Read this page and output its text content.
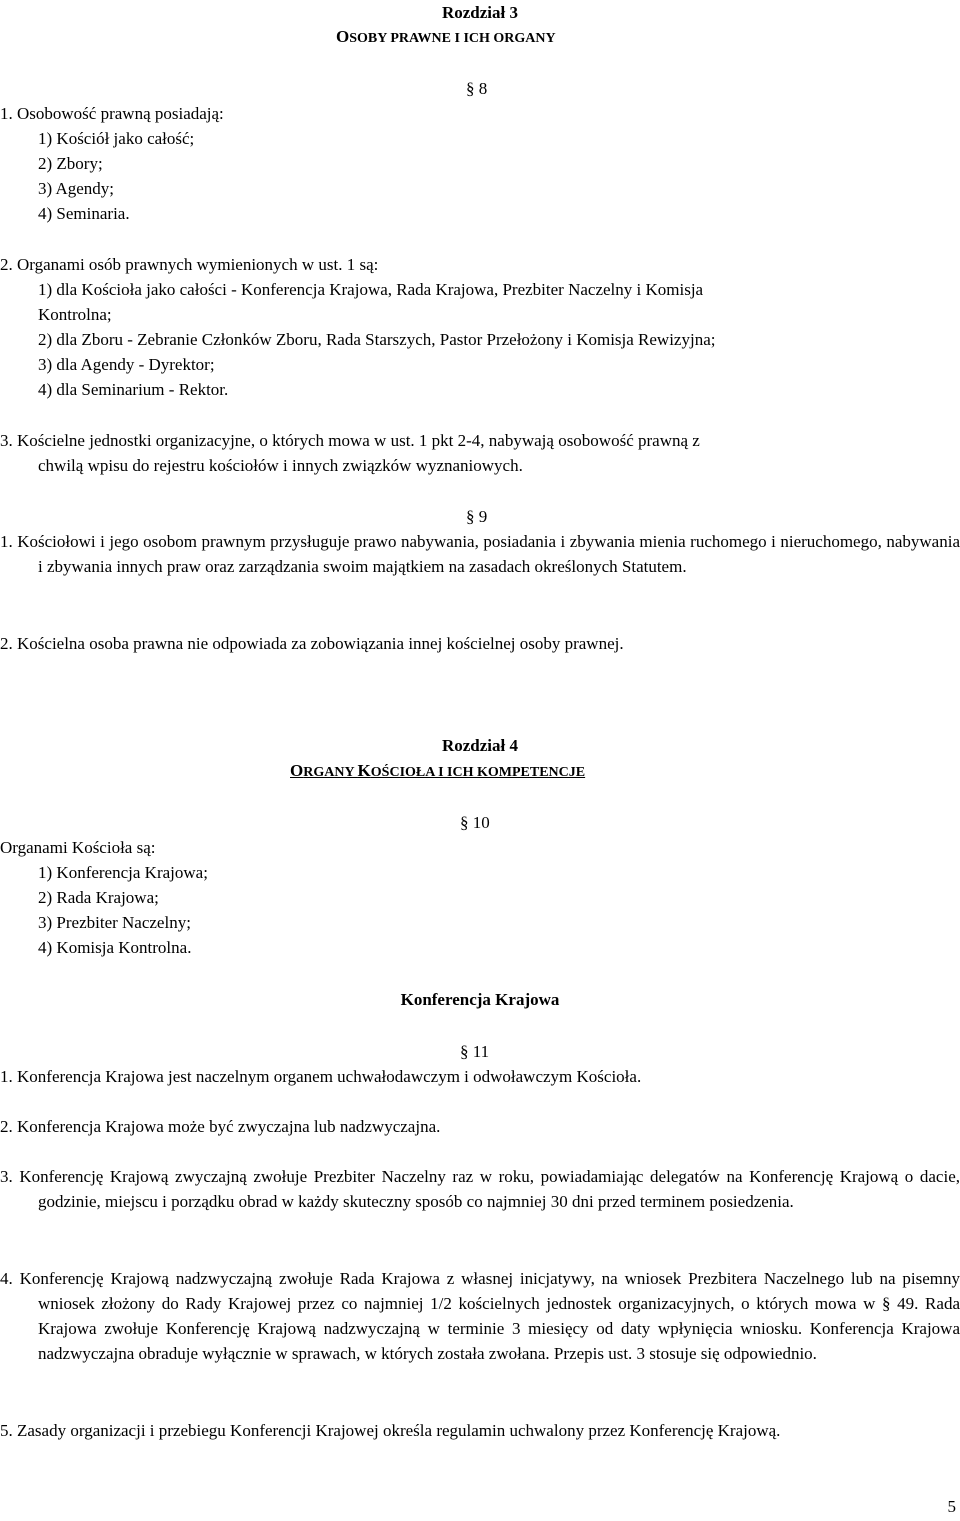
Rozdział 3
OSOBY PRAWNE I ICH ORGANY
§ 8
1. Osobowość prawną posiadają:
1) Kościół jako całość;
2) Zbory;
3) Agendy;
4) Seminaria.
2. Organami osób prawnych wymienionych w ust. 1 są:
1) dla Kościoła jako całości - Konferencja Krajowa, Rada Krajowa, Prezbiter Naczelny i Komisja
Kontrolna;
2) dla Zboru - Zebranie Członków Zboru, Rada Starszych, Pastor Przełożony i Komisja Rewizyjna;
3) dla Agendy - Dyrektor;
4) dla Seminarium - Rektor.
3. Kościelne jednostki organizacyjne, o których mowa w ust. 1 pkt 2-4, nabywają osobowość prawną z
chwilą wpisu do rejestru kościołów i innych związków wyznaniowych.
§ 9
1. Kościołowi i jego osobom prawnym przysługuje prawo nabywania, posiadania i zbywania mienia ruchomego i nieruchomego, nabywania i zbywania innych praw oraz zarządzania swoim majątkiem na zasadach określonych Statutem.
2. Kościelna osoba prawna nie odpowiada za zobowiązania innej kościelnej osoby prawnej.
Rozdział 4
ORGANY KOŚCIOŁA I ICH KOMPETENCJE
§ 10
Organami Kościoła są:
1) Konferencja Krajowa;
2) Rada Krajowa;
3) Prezbiter Naczelny;
4) Komisja Kontrolna.
Konferencja Krajowa
§ 11
1. Konferencja Krajowa jest naczelnym organem uchwałodawczym i odwoławczym Kościoła.
2. Konferencja Krajowa może być zwyczajna lub nadzwyczajna.
3. Konferencję Krajową zwyczajną zwołuje Prezbiter Naczelny raz w roku, powiadamiając delegatów na Konferencję Krajową o dacie, godzinie, miejscu i porządku obrad w każdy skuteczny sposób co najmniej 30 dni przed terminem posiedzenia.
4. Konferencję Krajową nadzwyczajną zwołuje Rada Krajowa z własnej inicjatywy, na wniosek Prezbitera Naczelnego lub na pisemny wniosek złożony do Rady Krajowej przez co najmniej 1/2 kościelnych jednostek organizacyjnych, o których mowa w § 49. Rada Krajowa zwołuje Konferencję Krajową nadzwyczajną w terminie 3 miesięcy od daty wpłynięcia wniosku. Konferencja Krajowa nadzwyczajna obraduje wyłącznie w sprawach, w których została zwołana. Przepis ust. 3 stosuje się odpowiednio.
5. Zasady organizacji i przebiegu Konferencji Krajowej określa regulamin uchwalony przez Konferencję Krajową.
5
